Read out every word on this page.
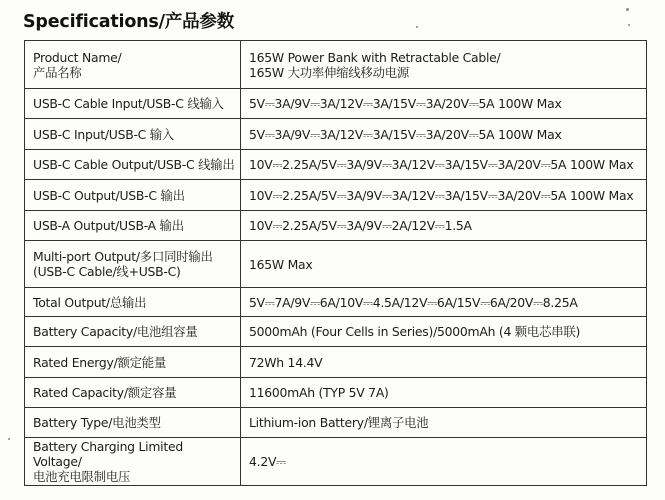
Specifications/产品参数
Product Name/
产品名称	165W Power Bank with Retractable Cable/
165W 大功率伸缩线移动电源
USB-C Cable Input/USB-C 线输入	5V⎓3A/9V⎓3A/12V⎓3A/15V⎓3A/20V⎓5A 100W Max
USB-C Input/USB-C 输入	5V⎓3A/9V⎓3A/12V⎓3A/15V⎓3A/20V⎓5A 100W Max
USB-C Cable Output/USB-C 线输出	10V⎓2.25A/5V⎓3A/9V⎓3A/12V⎓3A/15V⎓3A/20V⎓5A 100W Max
USB-C Output/USB-C 输出	10V⎓2.25A/5V⎓3A/9V⎓3A/12V⎓3A/15V⎓3A/20V⎓5A 100W Max
USB-A Output/USB-A 输出	10V⎓2.25A/5V⎓3A/9V⎓2A/12V⎓1.5A
Multi-port Output/多口同时输出
(USB-C Cable/线+USB-C)	165W Max
Total Output/总输出	5V⎓7A/9V⎓6A/10V⎓4.5A/12V⎓6A/15V⎓6A/20V⎓8.25A
Battery Capacity/电池组容量	5000mAh (Four Cells in Series)/5000mAh (4 颗电芯串联)
Rated Energy/额定能量	72Wh 14.4V
Rated Capacity/额定容量	11600mAh (TYP 5V 7A)
Battery Type/电池类型	Lithium-ion Battery/锂离子电池
Battery Charging Limited Voltage/
电池充电限制电压	4.2V⎓
